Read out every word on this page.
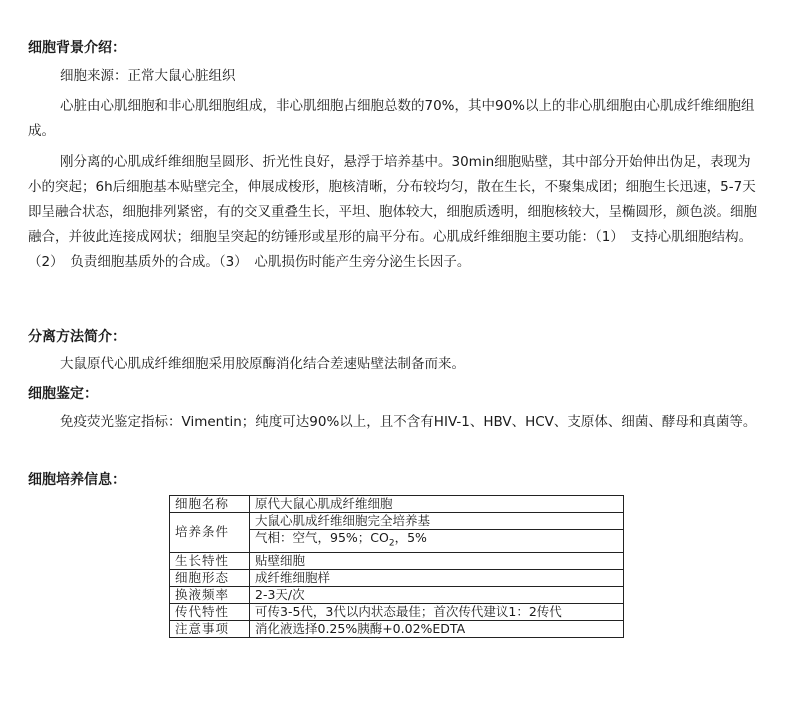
细胞背景介绍：

细胞来源：正常大鼠心脏组织

心脏由心肌细胞和非心肌细胞组成，非心肌细胞占细胞总数的70%，其中90%以上的非心肌细胞由心肌成纤维细胞组成。

刚分离的心肌成纤维细胞呈圆形、折光性良好，悬浮于培养基中。30min细胞贴壁，其中部分开始伸出伪足，表现为小的突起；6h后细胞基本贴壁完全，伸展成梭形，胞核清晰，分布较均匀，散在生长，不聚集成团；细胞生长迅速，5-7天即呈融合状态，细胞排列紧密，有的交叉重叠生长，平坦、胞体较大，细胞质透明，细胞核较大，呈椭圆形，颜色淡。细胞融合，并彼此连接成网状；细胞呈突起的纺锤形或星形的扁平分布。心肌成纤维细胞主要功能：（1）　支持心肌细胞结构。（2）　负责细胞基质外的合成。（3）　心肌损伤时能产生旁分泌生长因子。

分离方法简介：

大鼠原代心肌成纤维细胞采用胶原酶消化结合差速贴壁法制备而来。

细胞鉴定：

免疫荧光鉴定指标：Vimentin；纯度可达90%以上，且不含有HIV-1、HBV、HCV、支原体、细菌、酵母和真菌等。

细胞培养信息：
细胞名称	原代大鼠心肌成纤维细胞
培养条件	大鼠心肌成纤维细胞完全培养基
	气相：空气，95%；$CO_2$，5%
生长特性	贴壁细胞
细胞形态	成纤维细胞样
换液频率	2-3天/次
传代特性	可传3-5代，3代以内状态最佳；首次传代建议1：2传代
注意事项	消化液选择0.25%胰酶+0.02%EDTA
